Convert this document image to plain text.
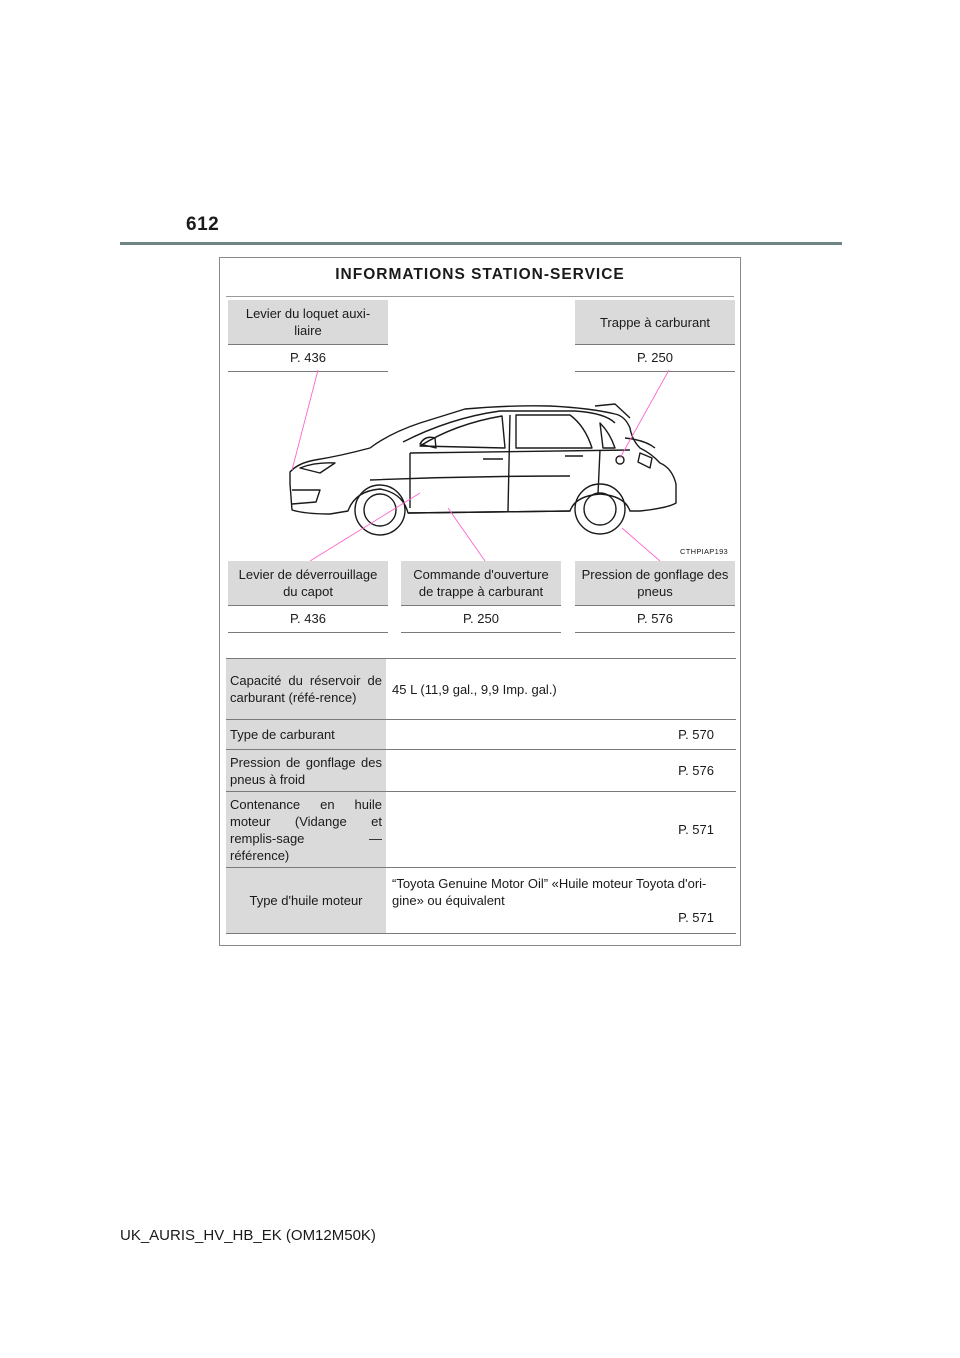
612
INFORMATIONS STATION-SERVICE
Levier du loquet auxi-
liaire
P. 436
Trappe à carburant
P. 250
CTHPIAP193
Levier de déverrouillage du capot
P. 436
Commande d'ouverture de trappe à carburant
P. 250
Pression de gonflage des pneus
P. 576
Capacité du réservoir de carburant (réfé-rence)	45 L (11,9 gal., 9,9 Imp. gal.)

Type de carburant	P. 570

Pression de gonflage des pneus à froid	P. 576

Contenance en huile moteur (Vidange et remplis-sage — référence)	P. 571

Type d'huile moteur	“Toyota Genuine Motor Oil” «Huile moteur Toyota d'ori-gine» ou équivalent
P. 571
UK_AURIS_HV_HB_EK (OM12M50K)
